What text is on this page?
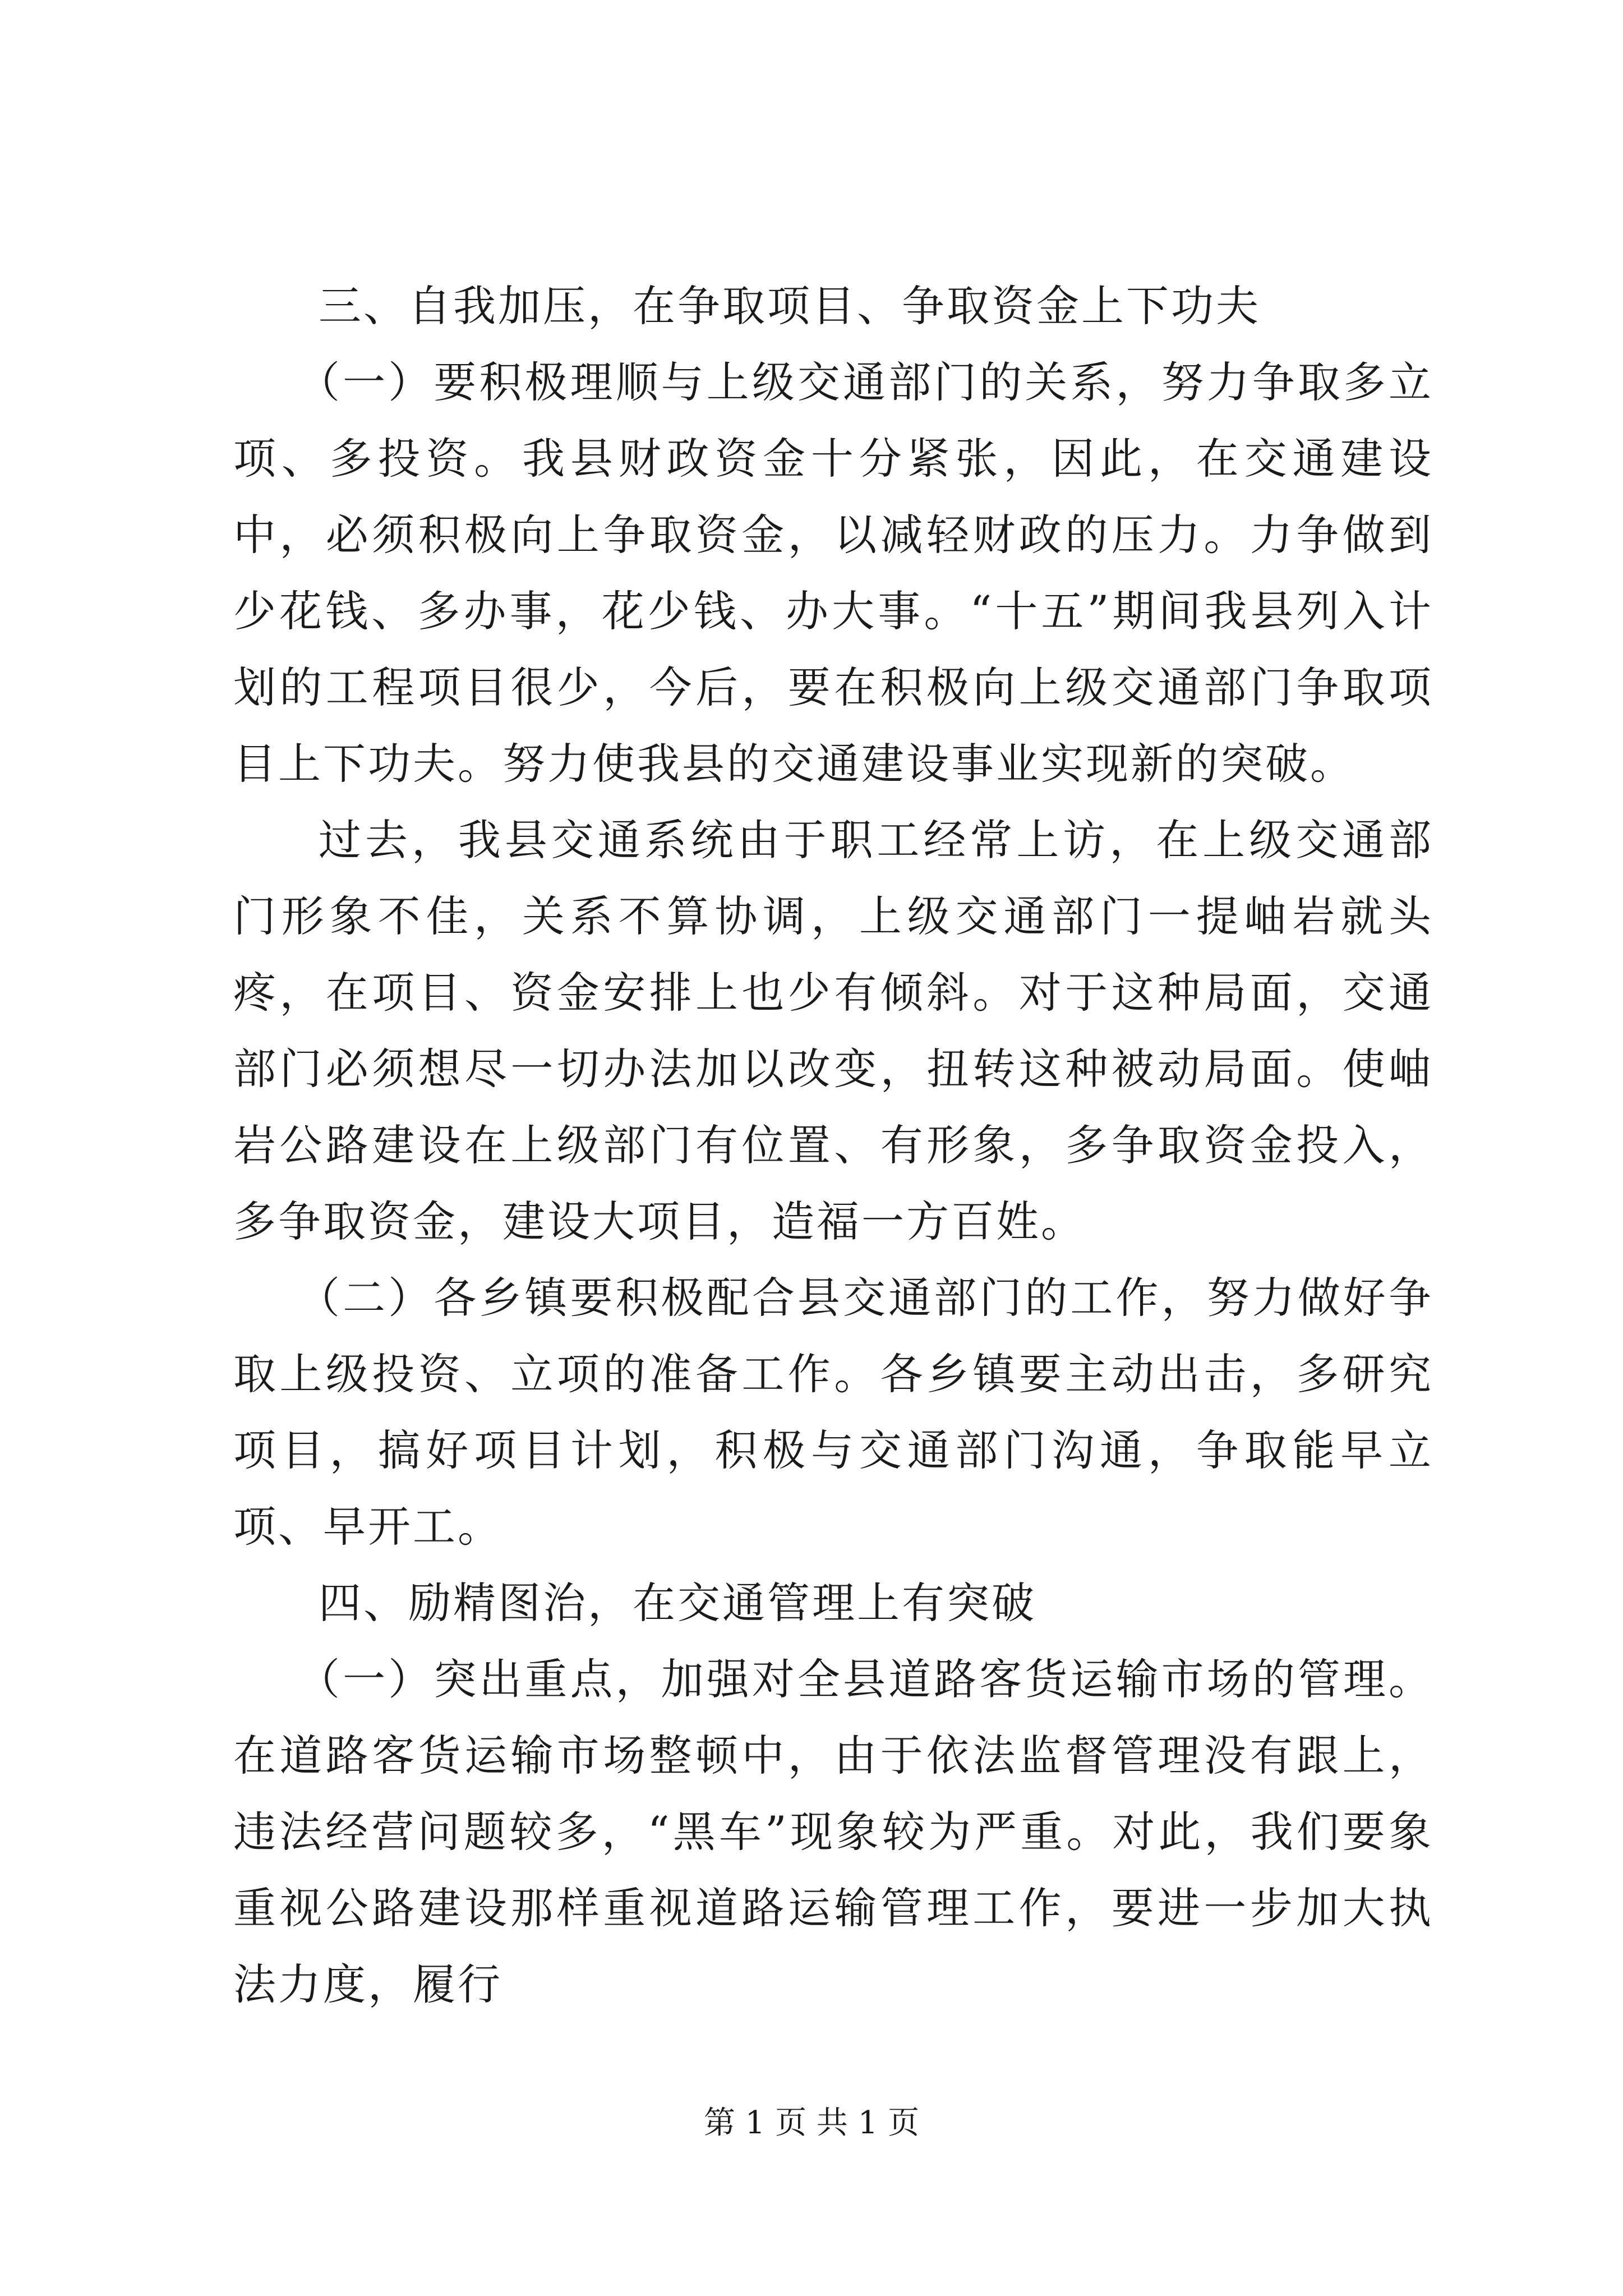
三、自我加压，在争取项目、争取资金上下功夫

（一）要积极理顺与上级交通部门的关系，努力争取多立项、多投资。我县财政资金十分紧张，因此，在交通建设中，必须积极向上争取资金，以减轻财政的压力。力争做到少花钱、多办事，花少钱、办大事。“十五”期间我县列入计划的工程项目很少，今后，要在积极向上级交通部门争取项目上下功夫。努力使我县的交通建设事业实现新的突破。

过去，我县交通系统由于职工经常上访，在上级交通部门形象不佳，关系不算协调，上级交通部门一提岫岩就头疼，在项目、资金安排上也少有倾斜。对于这种局面，交通部门必须想尽一切办法加以改变，扭转这种被动局面。使岫岩公路建设在上级部门有位置、有形象，多争取资金投入，多争取资金，建设大项目，造福一方百姓。

（二）各乡镇要积极配合县交通部门的工作，努力做好争取上级投资、立项的准备工作。各乡镇要主动出击，多研究项目，搞好项目计划，积极与交通部门沟通，争取能早立项、早开工。

四、励精图治，在交通管理上有突破

（一）突出重点，加强对全县道路客货运输市场的管理。在道路客货运输市场整顿中，由于依法监督管理没有跟上，违法经营问题较多，“黑车”现象较为严重。对此，我们要象重视公路建设那样重视道路运输管理工作，要进一步加大执法力度，履行

第 1 页 共 1 页
